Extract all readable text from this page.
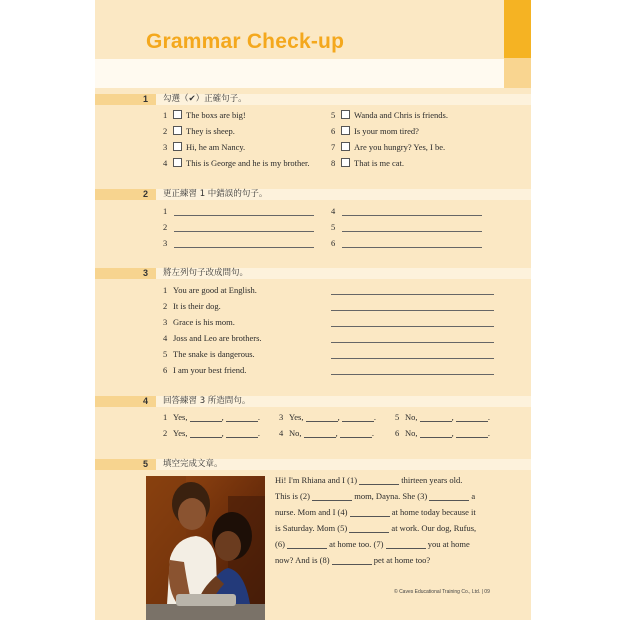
Grammar Check-up
1 勾選（✔）正確句子。
1 The boxs are big!
2 They is sheep.
3 Hi, he am Nancy.
4 This is George and he is my brother.
5 Wanda and Chris is friends.
6 Is your mom tired?
7 Are you hungry? Yes, I be.
8 That is me cat.
2 更正練習 1 中錯誤的句子。
1
2
3
4
5
6
3 將左列句子改成問句。
1 You are good at English.
2 It is their dog.
3 Grace is his mom.
4 Joss and Leo are brothers.
5 The snake is dangerous.
6 I am your best friend.
4 回答練習 3 所造問句。
1 Yes,	,	.
2 Yes,	,	.
3 Yes,	,	.
4 No,	,	.
5 No,	,	.
6 No,	,	.
5 填空完成文章。
Hi! I'm Rhiana and I (1)	thirteen years old.
This is (2)	mom, Dayna. She (3)	a
nurse. Mom and I (4)	at home today because it
is Saturday. Mom (5)	at work. Our dog, Rufus,
(6)	at home too. (7)	you at home
now? And is (8)	pet at home too?
© Caves Educational Training Co., Ltd. | 09
